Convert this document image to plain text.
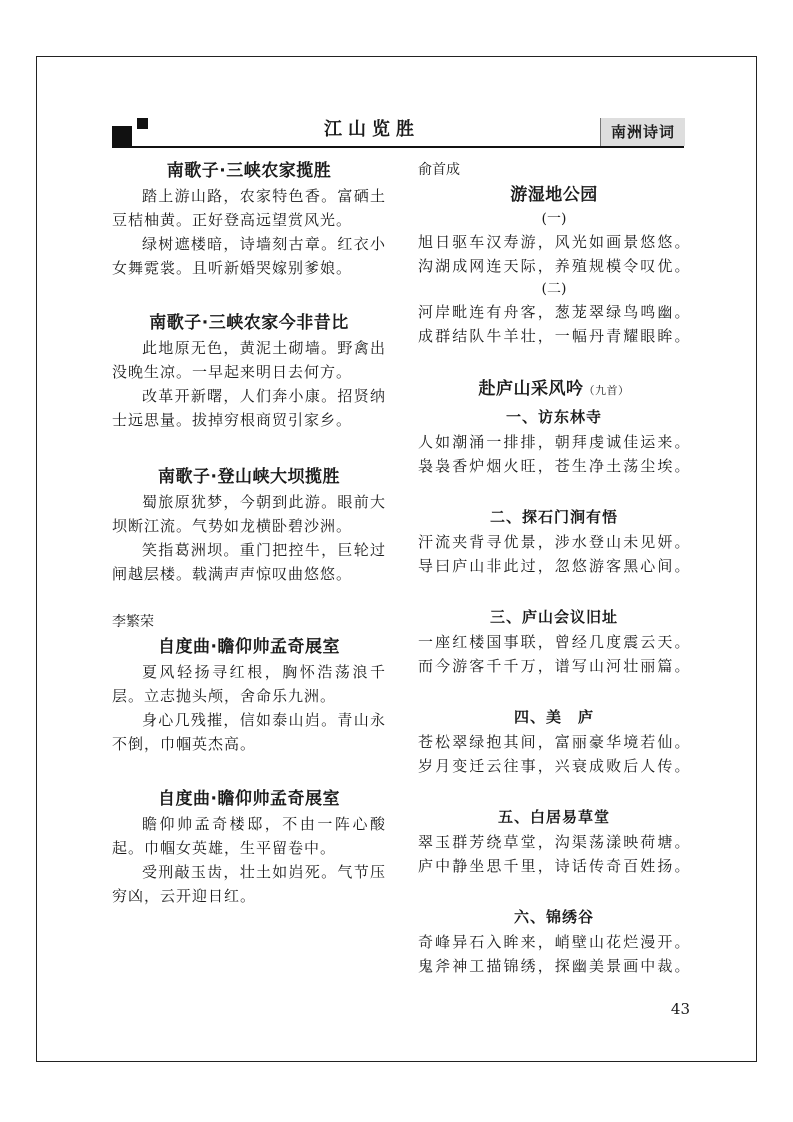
江山览胜	南洲诗词
南歌子·三峡农家揽胜

踏上游山路，农家特色香。富硒土豆桔柚黄。正好登高远望赏风光。

绿树遮楼暗，诗墙刻古章。红衣小女舞霓裳。且听新婚哭嫁别爹娘。

南歌子·三峡农家今非昔比

此地原无色，黄泥土砌墙。野禽出没晚生凉。一早起来明日去何方。

改革开新曙，人们奔小康。招贤纳士远思量。拔掉穷根商贸引家乡。

南歌子·登山峡大坝揽胜

蜀旅原犹梦，今朝到此游。眼前大坝断江流。气势如龙横卧碧沙洲。

笑指葛洲坝。重门把控牛，巨轮过闸越层楼。载满声声惊叹曲悠悠。

李繁荣
自度曲·瞻仰帅孟奇展室

夏风轻扬寻红根，胸怀浩荡浪千层。立志抛头颅，舍命乐九洲。

身心几残摧，信如泰山岿。青山永不倒，巾帼英杰高。

自度曲·瞻仰帅孟奇展室

瞻仰帅孟奇楼邸，不由一阵心酸起。巾帼女英雄，生平留卷中。

受刑敲玉齿，壮土如岿死。气节压穷凶，云开迎日红。

俞首成
游湿地公园
(一)

旭日驱车汉寿游，风光如画景悠悠。

沟湖成网连天际，养殖规模令叹优。

(二)

河岸毗连有舟客，葱茏翠绿鸟鸣幽。

成群结队牛羊壮，一幅丹青耀眼眸。

赴庐山采风吟（九首）
一、访东林寺

人如潮涌一排排，朝拜虔诚佳运来。

袅袅香炉烟火旺，苍生净土荡尘埃。

二、探石门涧有悟

汗流夹背寻优景，涉水登山未见妍。

导曰庐山非此过，忽悠游客黑心间。

三、庐山会议旧址

一座红楼国事联，曾经几度震云天。

而今游客千千万，谱写山河壮丽篇。

四、美　庐

苍松翠绿抱其间，富丽豪华境若仙。

岁月变迁云往事，兴衰成败后人传。

五、白居易草堂

翠玉群芳绕草堂，沟渠荡漾映荷塘。

庐中静坐思千里，诗话传奇百姓扬。

六、锦绣谷

奇峰异石入眸来，峭壁山花烂漫开。

鬼斧神工描锦绣，探幽美景画中裁。

43
